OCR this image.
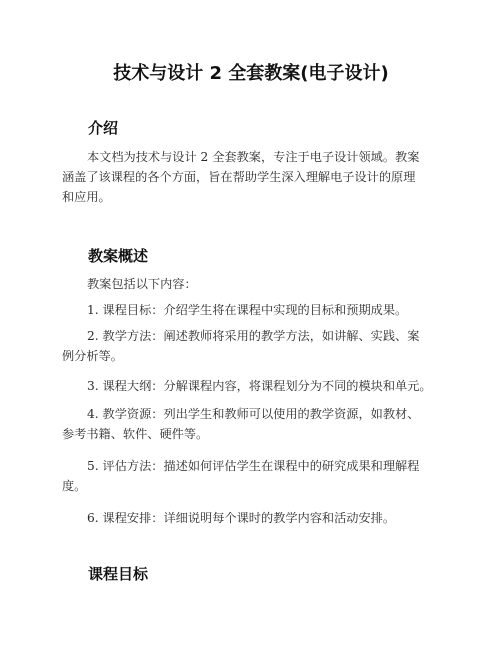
技术与设计 2 全套教案(电子设计)
介绍
本文档为技术与设计 2 全套教案，专注于电子设计领域。教案
涵盖了该课程的各个方面，旨在帮助学生深入理解电子设计的原理
和应用。
教案概述
教案包括以下内容：
1. 课程目标：介绍学生将在课程中实现的目标和预期成果。
2. 教学方法：阐述教师将采用的教学方法，如讲解、实践、案
例分析等。
3. 课程大纲：分解课程内容，将课程划分为不同的模块和单元。
4. 教学资源：列出学生和教师可以使用的教学资源，如教材、
参考书籍、软件、硬件等。
5. 评估方法：描述如何评估学生在课程中的研究成果和理解程
度。
6. 课程安排：详细说明每个课时的教学内容和活动安排。
课程目标
